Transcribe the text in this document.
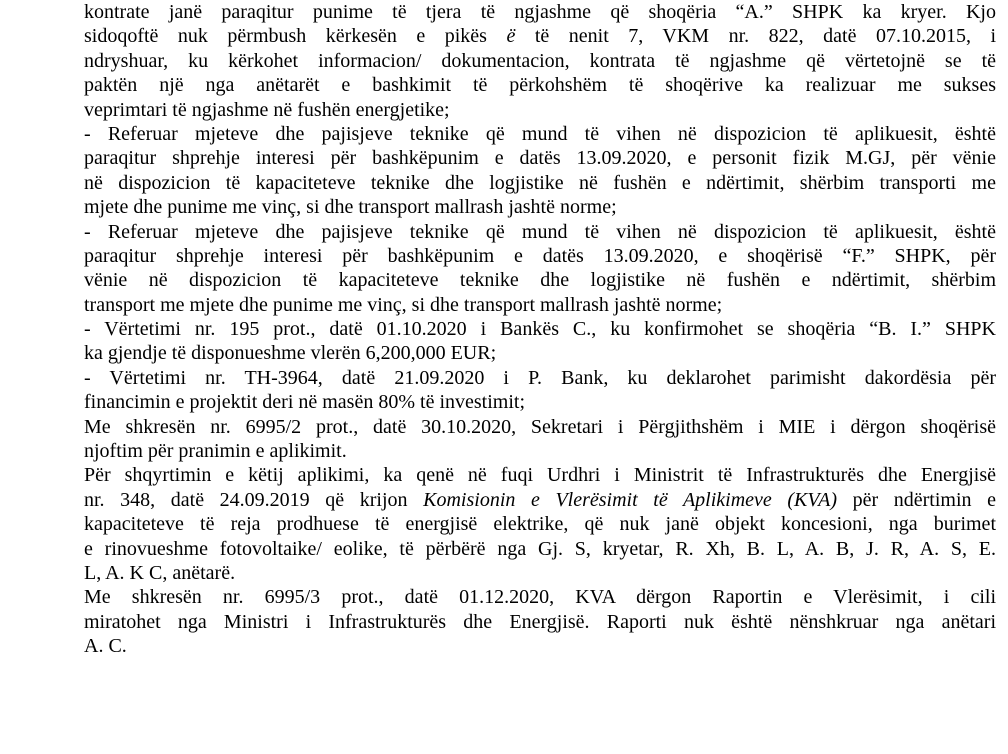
kontrate janë paraqitur punime të tjera të ngjashme që shoqëria “A.” SHPK ka kryer. Kjo
sidoqoftë nuk përmbush kërkesën e pikës ë të nenit 7, VKM nr. 822, datë 07.10.2015, i
ndryshuar, ku kërkohet informacion/ dokumentacion, kontrata të ngjashme që vërtetojnë se të
paktën një nga anëtarët e bashkimit të përkohshëm të shoqërive ka realizuar me sukses
veprimtari të ngjashme në fushën energjetike;
- Referuar mjeteve dhe pajisjeve teknike që mund të vihen në dispozicion të aplikuesit, është
paraqitur shprehje interesi për bashkëpunim e datës 13.09.2020, e personit fizik M.GJ, për vënie
në dispozicion të kapaciteteve teknike dhe logjistike në fushën e ndërtimit, shërbim transporti me
mjete dhe punime me vinç, si dhe transport mallrash jashtë norme;
- Referuar mjeteve dhe pajisjeve teknike që mund të vihen në dispozicion të aplikuesit, është
paraqitur shprehje interesi për bashkëpunim e datës 13.09.2020, e shoqërisë “F.” SHPK, për
vënie në dispozicion të kapaciteteve teknike dhe logjistike në fushën e ndërtimit, shërbim
transport me mjete dhe punime me vinç, si dhe transport mallrash jashtë norme;
- Vërtetimi nr. 195 prot., datë 01.10.2020 i Bankës C., ku konfirmohet se shoqëria “B. I.” SHPK
ka gjendje të disponueshme vlerën 6,200,000 EUR;
- Vërtetimi nr. TH-3964, datë 21.09.2020 i P. Bank, ku deklarohet parimisht dakordësia për
financimin e projektit deri në masën 80% të investimit;
Me shkresën nr. 6995/2 prot., datë 30.10.2020, Sekretari i Përgjithshëm i MIE i dërgon shoqërisë
njoftim për pranimin e aplikimit.
Për shqyrtimin e këtij aplikimi, ka qenë në fuqi Urdhri i Ministrit të Infrastrukturës dhe Energjisë
nr. 348, datë 24.09.2019 që krijon Komisionin e Vlerësimit të Aplikimeve (KVA) për ndërtimin e
kapaciteteve të reja prodhuese të energjisë elektrike, që nuk janë objekt koncesioni, nga burimet
e rinovueshme fotovoltaike/ eolike, të përbërë nga Gj. S, kryetar, R. Xh, B. L, A. B, J. R, A. S, E.
L, A. K C, anëtarë.
Me shkresën nr. 6995/3 prot., datë 01.12.2020, KVA dërgon Raportin e Vlerësimit, i cili
miratohet nga Ministri i Infrastrukturës dhe Energjisë. Raporti nuk është nënshkruar nga anëtari
A. C.
